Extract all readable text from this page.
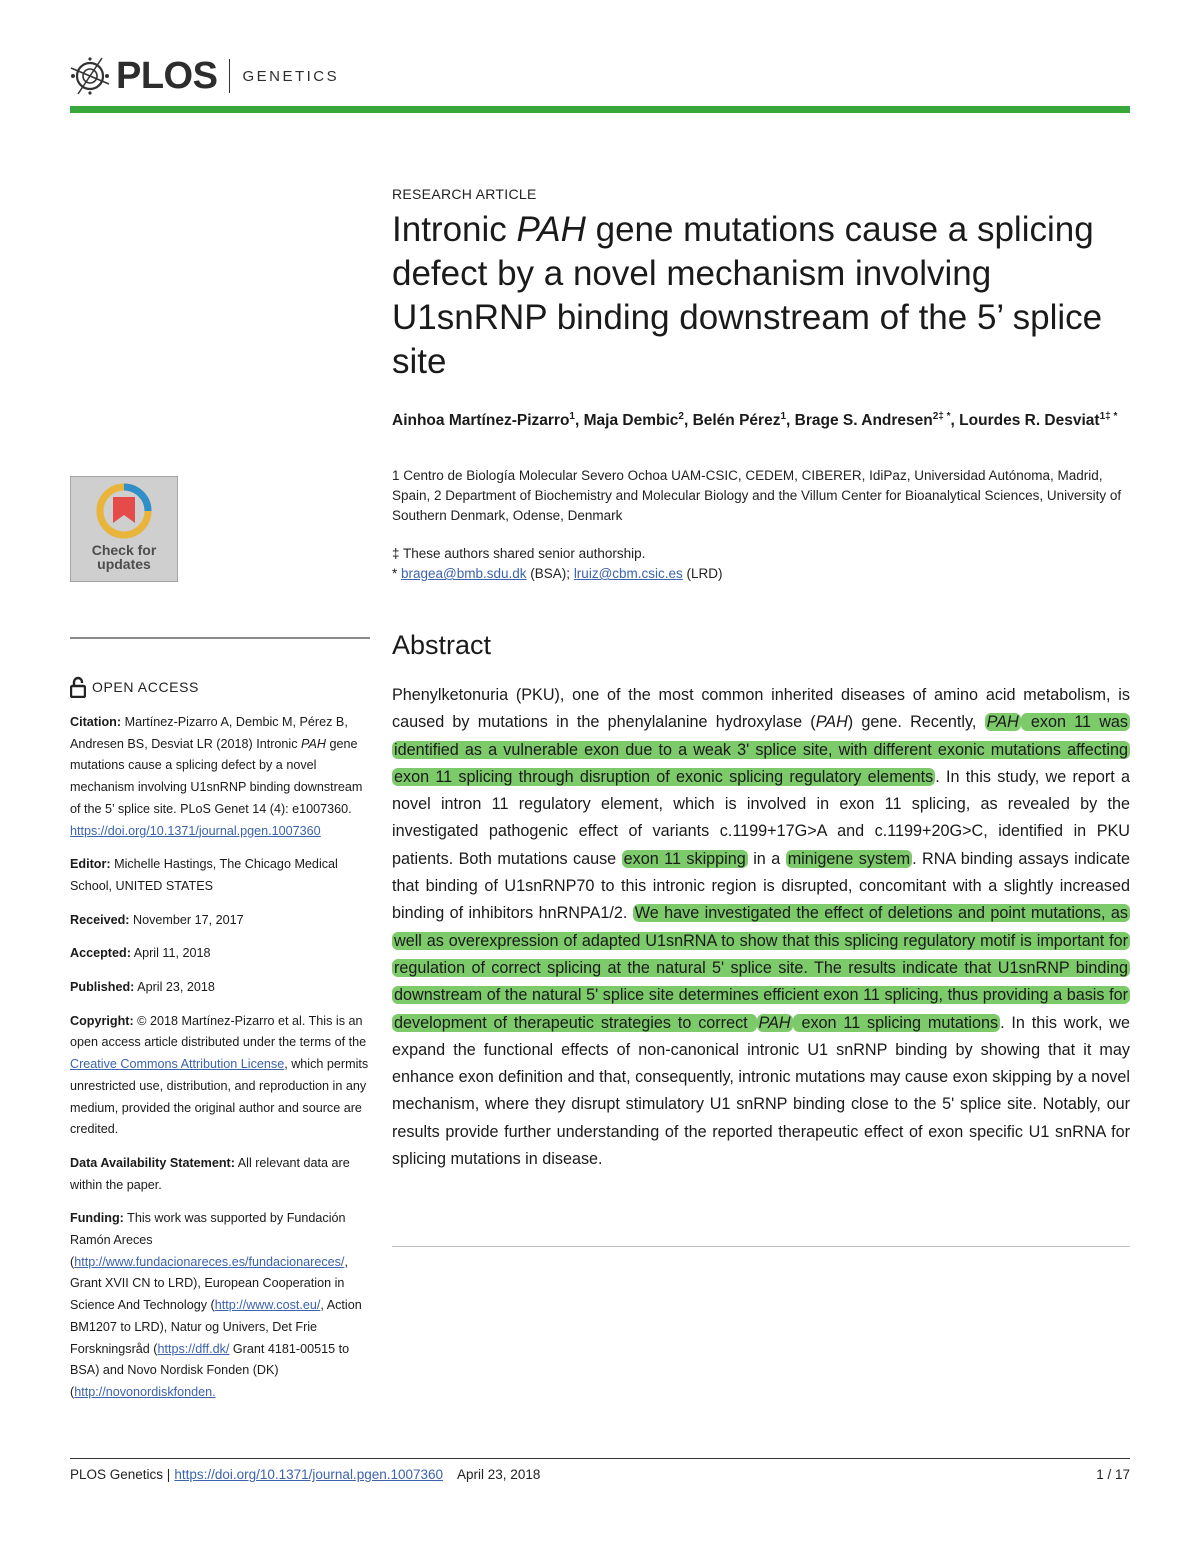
PLOS GENETICS
RESEARCH ARTICLE
Intronic PAH gene mutations cause a splicing defect by a novel mechanism involving U1snRNP binding downstream of the 5’ splice site
Ainhoa Martínez-Pizarro$^1$, Maja Dembic$^2$, Belén Pérez$^1$, Brage S. Andresen$^{2\ddagger *}$, Lourdes R. Desviat$^{1\ddagger *}$
1 Centro de Biología Molecular Severo Ochoa UAM-CSIC, CEDEM, CIBERER, IdiPaz, Universidad Autónoma, Madrid, Spain, 2 Department of Biochemistry and Molecular Biology and the Villum Center for Bioanalytical Sciences, University of Southern Denmark, Odense, Denmark
‡ These authors shared senior authorship.
* bragea@bmb.sdu.dk (BSA); lruiz@cbm.csic.es (LRD)
Abstract
Phenylketonuria (PKU), one of the most common inherited diseases of amino acid metabolism, is caused by mutations in the phenylalanine hydroxylase (PAH) gene. Recently, PAH exon 11 was identified as a vulnerable exon due to a weak 3' splice site, with different exonic mutations affecting exon 11 splicing through disruption of exonic splicing regulatory elements . In this study, we report a novel intron 11 regulatory element, which is involved in exon 11 splicing, as revealed by the investigated pathogenic effect of variants c.1199+17G>A and c.1199+20G>C, identified in PKU patients. Both mutations cause exon 11 skipping in a minigene system . RNA binding assays indicate that binding of U1snRNP70 to this intronic region is disrupted, concomitant with a slightly increased binding of inhibitors hnRNPA1/2. We have investigated the effect of deletions and point mutations, as well as overexpression of adapted U1snRNA to show that this splicing regulatory motif is important for regulation of correct splicing at the natural 5' splice site. The results indicate that U1snRNP binding downstream of the natural 5' splice site determines efficient exon 11 splicing, thus providing a basis for development of therapeutic strategies to correct PAH exon 11 splicing mutations . In this work, we expand the functional effects of non-canonical intronic U1 snRNP binding by showing that it may enhance exon definition and that, consequently, intronic mutations may cause exon skipping by a novel mechanism, where they disrupt stimulatory U1 snRNP binding close to the 5' splice site. Notably, our results provide further understanding of the reported therapeutic effect of exon specific U1 snRNA for splicing mutations in disease.
Check for updates
OPEN ACCESS

Citation: Martínez-Pizarro A, Dembic M, Pérez B, Andresen BS, Desviat LR (2018) Intronic PAH gene mutations cause a splicing defect by a novel mechanism involving U1snRNP binding downstream of the 5’ splice site. PLoS Genet 14 (4): e1007360. https://doi.org/10.1371/journal.pgen.1007360

Editor: Michelle Hastings, The Chicago Medical School, UNITED STATES

Received: November 17, 2017

Accepted: April 11, 2018

Published: April 23, 2018

Copyright: © 2018 Martínez-Pizarro et al. This is an open access article distributed under the terms of the Creative Commons Attribution License, which permits unrestricted use, distribution, and reproduction in any medium, provided the original author and source are credited.

Data Availability Statement: All relevant data are within the paper.

Funding: This work was supported by Fundación Ramón Areces (http://www.fundacionareces.es/fundacionareces/, Grant XVII CN to LRD), European Cooperation in Science And Technology (http://www.cost.eu/, Action BM1207 to LRD), Natur og Univers, Det Frie Forskningsråd (https://dff.dk/ Grant 4181-00515 to BSA) and Novo Nordisk Fonden (DK) (http://novonordiskfonden.

PLOS Genetics | https://doi.org/10.1371/journal.pgen.1007360 April 23, 2018	1 / 17
